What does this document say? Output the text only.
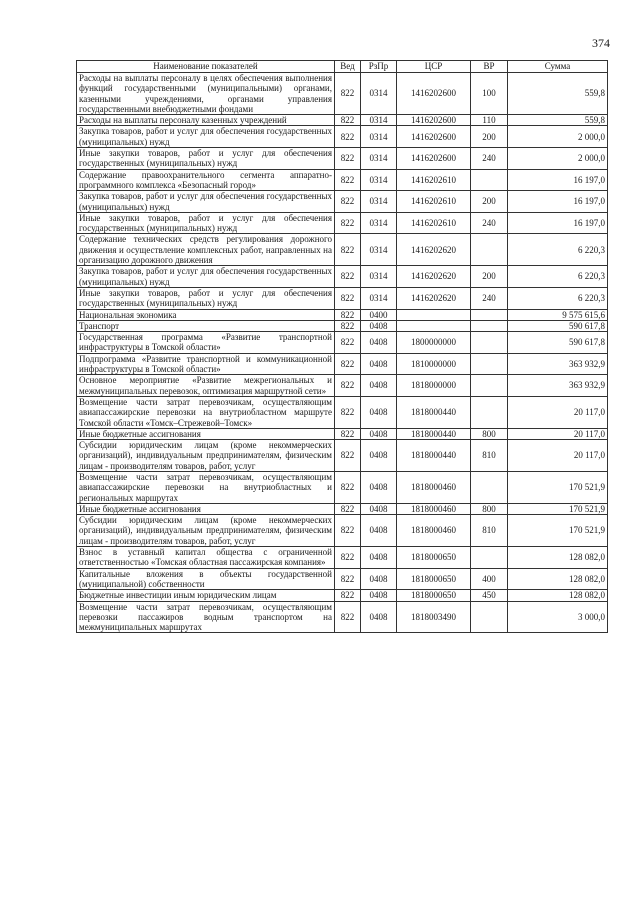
374
Наименование показателей	Вед	РзПр	ЦСР	ВР	Сумма
Расходы на выплаты персоналу в целях обеспечения выполнения функций государственными (муниципальными) органами, казенными учреждениями, органами управления государственными внебюджетными фондами	822	0314	1416202600	100	559,8
Расходы на выплаты персоналу казенных учреждений	822	0314	1416202600	110	559,8
Закупка товаров, работ и услуг для обеспечения государственных (муниципальных) нужд	822	0314	1416202600	200	2 000,0
Иные закупки товаров, работ и услуг для обеспечения государственных (муниципальных) нужд	822	0314	1416202600	240	2 000,0
Содержание правоохранительного сегмента аппаратно-программного комплекса «Безопасный город»	822	0314	1416202610		16 197,0
Закупка товаров, работ и услуг для обеспечения государственных (муниципальных) нужд	822	0314	1416202610	200	16 197,0
Иные закупки товаров, работ и услуг для обеспечения государственных (муниципальных) нужд	822	0314	1416202610	240	16 197,0
Содержание технических средств регулирования дорожного движения и осуществление комплексных работ, направленных на организацию дорожного движения	822	0314	1416202620		6 220,3
Закупка товаров, работ и услуг для обеспечения государственных (муниципальных) нужд	822	0314	1416202620	200	6 220,3
Иные закупки товаров, работ и услуг для обеспечения государственных (муниципальных) нужд	822	0314	1416202620	240	6 220,3
Национальная экономика	822	0400			9 575 615,6
Транспорт	822	0408			590 617,8
Государственная программа «Развитие транспортной инфраструктуры в Томской области»	822	0408	1800000000		590 617,8
Подпрограмма «Развитие транспортной и коммуникационной инфраструктуры в Томской области»	822	0408	1810000000		363 932,9
Основное мероприятие «Развитие межрегиональных и межмуниципальных перевозок, оптимизация маршрутной сети»	822	0408	1818000000		363 932,9
Возмещение части затрат перевозчикам, осуществляющим авиапассажирские перевозки на внутриобластном маршруте Томской области «Томск–Стрежевой–Томск»	822	0408	1818000440		20 117,0
Иные бюджетные ассигнования	822	0408	1818000440	800	20 117,0
Субсидии юридическим лицам (кроме некоммерческих организаций), индивидуальным предпринимателям, физическим лицам - производителям товаров, работ, услуг	822	0408	1818000440	810	20 117,0
Возмещение части затрат перевозчикам, осуществляющим авиапассажирские перевозки на внутриобластных и региональных маршрутах	822	0408	1818000460		170 521,9
Иные бюджетные ассигнования	822	0408	1818000460	800	170 521,9
Субсидии юридическим лицам (кроме некоммерческих организаций), индивидуальным предпринимателям, физическим лицам - производителям товаров, работ, услуг	822	0408	1818000460	810	170 521,9
Взнос в уставный капитал общества с ограниченной ответственностью «Томская областная пассажирская компания»	822	0408	1818000650		128 082,0
Капитальные вложения в объекты государственной (муниципальной) собственности	822	0408	1818000650	400	128 082,0
Бюджетные инвестиции иным юридическим лицам	822	0408	1818000650	450	128 082,0
Возмещение части затрат перевозчикам, осуществляющим перевозки пассажиров водным транспортом на межмуниципальных маршрутах	822	0408	1818003490		3 000,0
